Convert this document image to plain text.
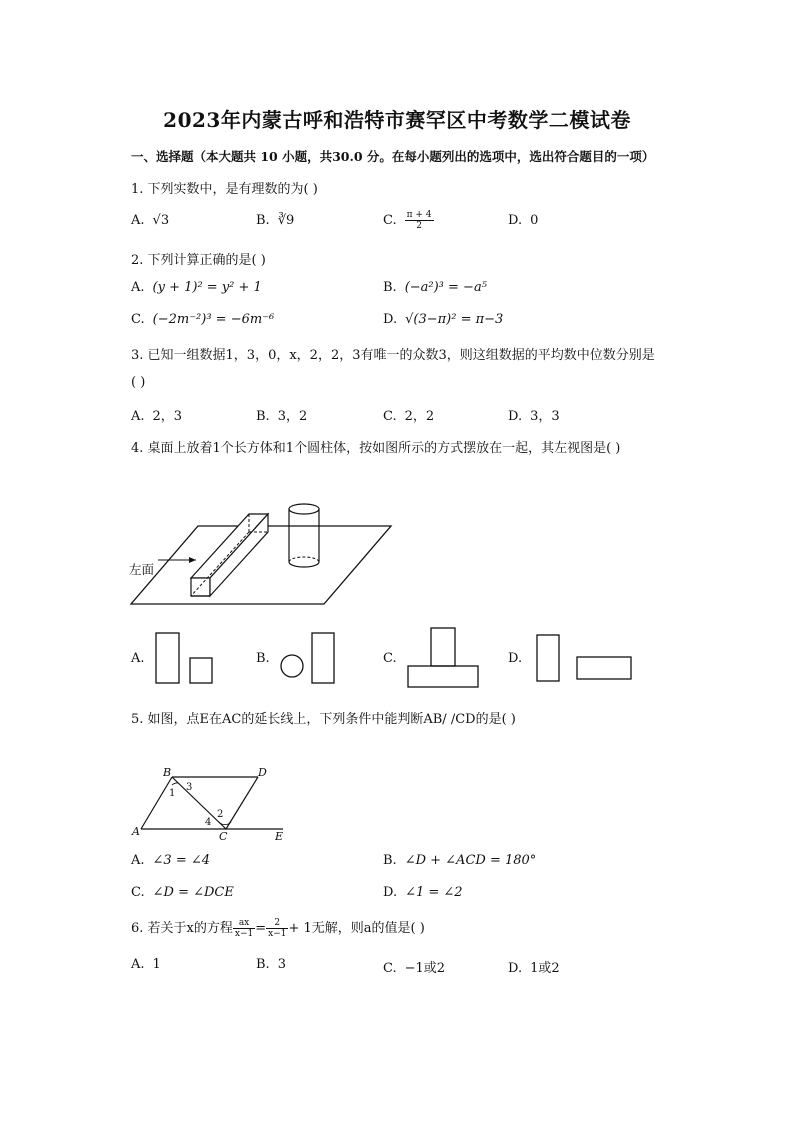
2023年内蒙古呼和浩特市赛罕区中考数学二模试卷
一、选择题（本大题共 10 小题，共30.0 分。在每小题列出的选项中，选出符合题目的一项）
1. 下列实数中，是有理数的为( )
A. √3	B. ∛9	C. $\frac{\pi + 4}{2}$	D. 0
2. 下列计算正确的是( )
A. (y + 1)² = y² + 1	B. (−a²)³ = −a⁵
C. (−2m⁻²)³ = −6m⁻⁶	D. √(3−π)² = π−3
3. 已知一组数据1，3，0，x，2，2，3有唯一的众数3，则这组数据的平均数中位数分别是
( )
A. 2，3	B. 3，2	C. 2，2	D. 3，3
4. 桌面上放着1个长方体和1个圆柱体，按如图所示的方式摆放在一起，其左视图是( )
左面
A.	B.	C.	D.
5. 如图，点E在AC的延长线上，下列条件中能判断AB/ /CD的是( )
B	D
A	C	E
1
3
2
4
A. ∠3 = ∠4	B. ∠D + ∠ACD = 180°
C. ∠D = ∠DCE	D. ∠1 = ∠2
6. 若关于x的方程 $\frac{ax}{x-1} = \frac{2}{x-1} + 1$无解，则a的值是( )
A. 1	B. 3	C. −1或2	D. 1或2
